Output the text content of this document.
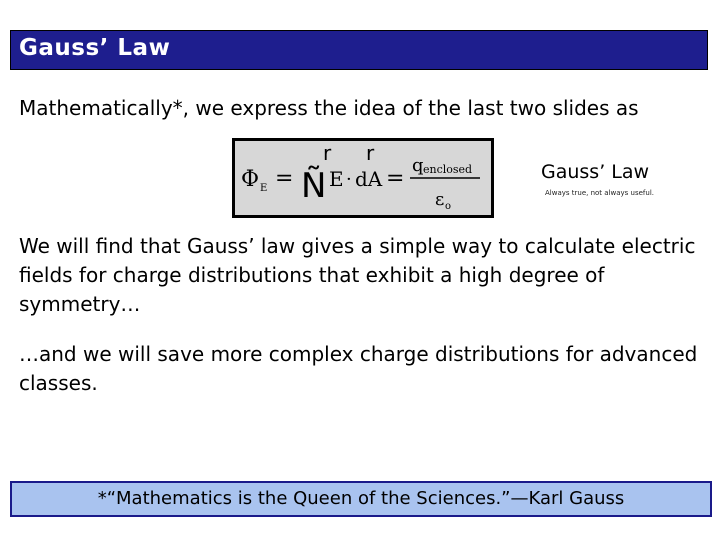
Gauss’ Law
Mathematically*, we express the idea of the last two slides as
Φ E = Ñ
r r
E · dA =
q enclosed
ε o
Gauss’ Law
Always true, not always useful.
We will find that Gauss’ law gives a simple way to calculate electric fields for charge distributions that exhibit a high degree of symmetry…
…and we will save more complex charge distributions for advanced classes.
*“Mathematics is the Queen of the Sciences.”—Karl Gauss
